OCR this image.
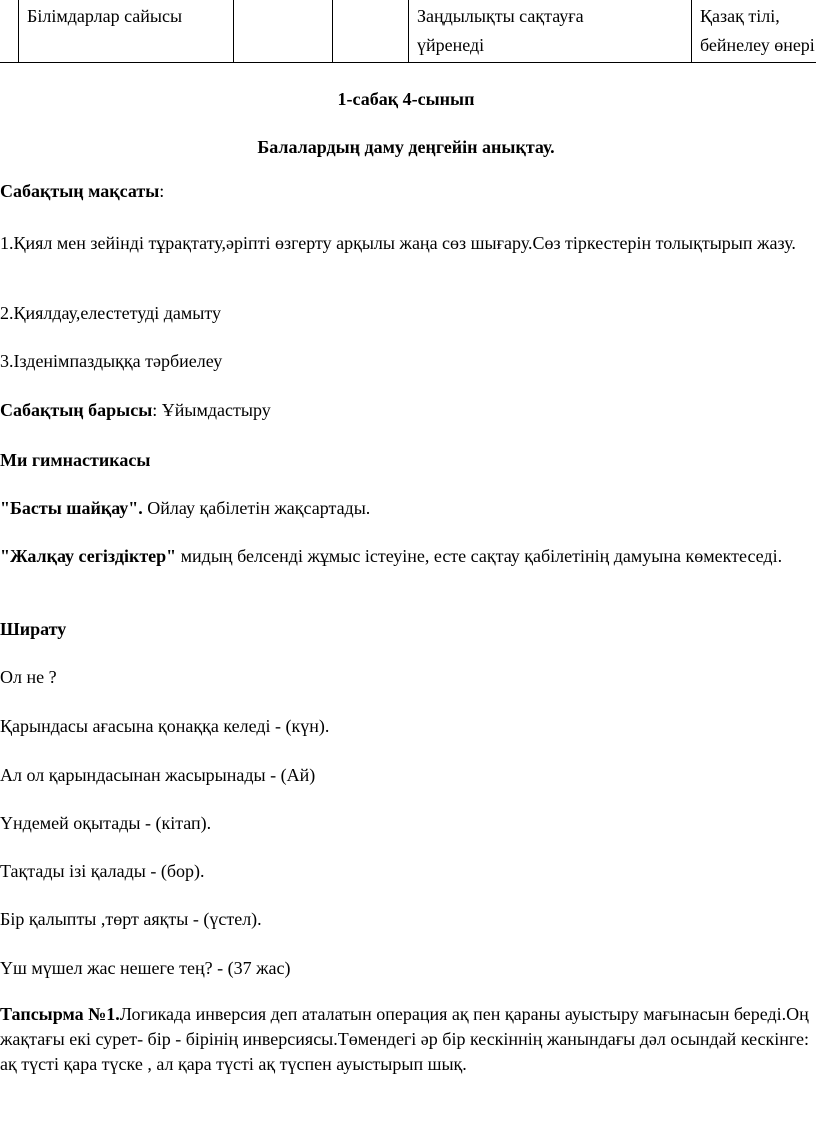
Білімдарлар сайысы	Заңдылықты сақтауға
үйренеді
Қазақ тілі,
бейнелеу өнері
1-сабақ 4-сынып
Балалардың даму деңгейін анықтау.
Сабақтың мақсаты:
1.Қиял мен зейінді тұрақтату,әріпті өзгерту арқылы жаңа сөз шығару.Сөз тіркестерін толықтырып жазу.
2.Қиялдау,елестетуді дамыту
3.Ізденімпаздыққа тәрбиелеу
Сабақтың барысы: Ұйымдастыру
Ми гимнастикасы
"Басты шайқау". Ойлау қабілетін жақсартады.
"Жалқау сегіздіктер" мидың белсенді жұмыс істеуіне, есте сақтау қабілетінің дамуына көмектеседі.
Ширату
Ол не ?
Қарындасы ағасына қонаққа келеді - (күн).
Ал ол қарындасынан жасырынады - (Ай)
Үндемей оқытады - (кітап).
Тақтады ізі қалады - (бор).
Бір қалыпты ,төрт аяқты - (үстел).
Үш мүшел жас нешеге тең? - (37 жас)
Тапсырма №1.Логикада инверсия деп аталатын операция ақ пен қараны ауыстыру мағынасын береді.Оң жақтағы екі сурет- бір - бірінің инверсиясы.Төмендегі әр бір кескіннің жанындағы дәл осындай кескінге: ақ түсті қара түске , ал қара түсті ақ түспен ауыстырып шық.
